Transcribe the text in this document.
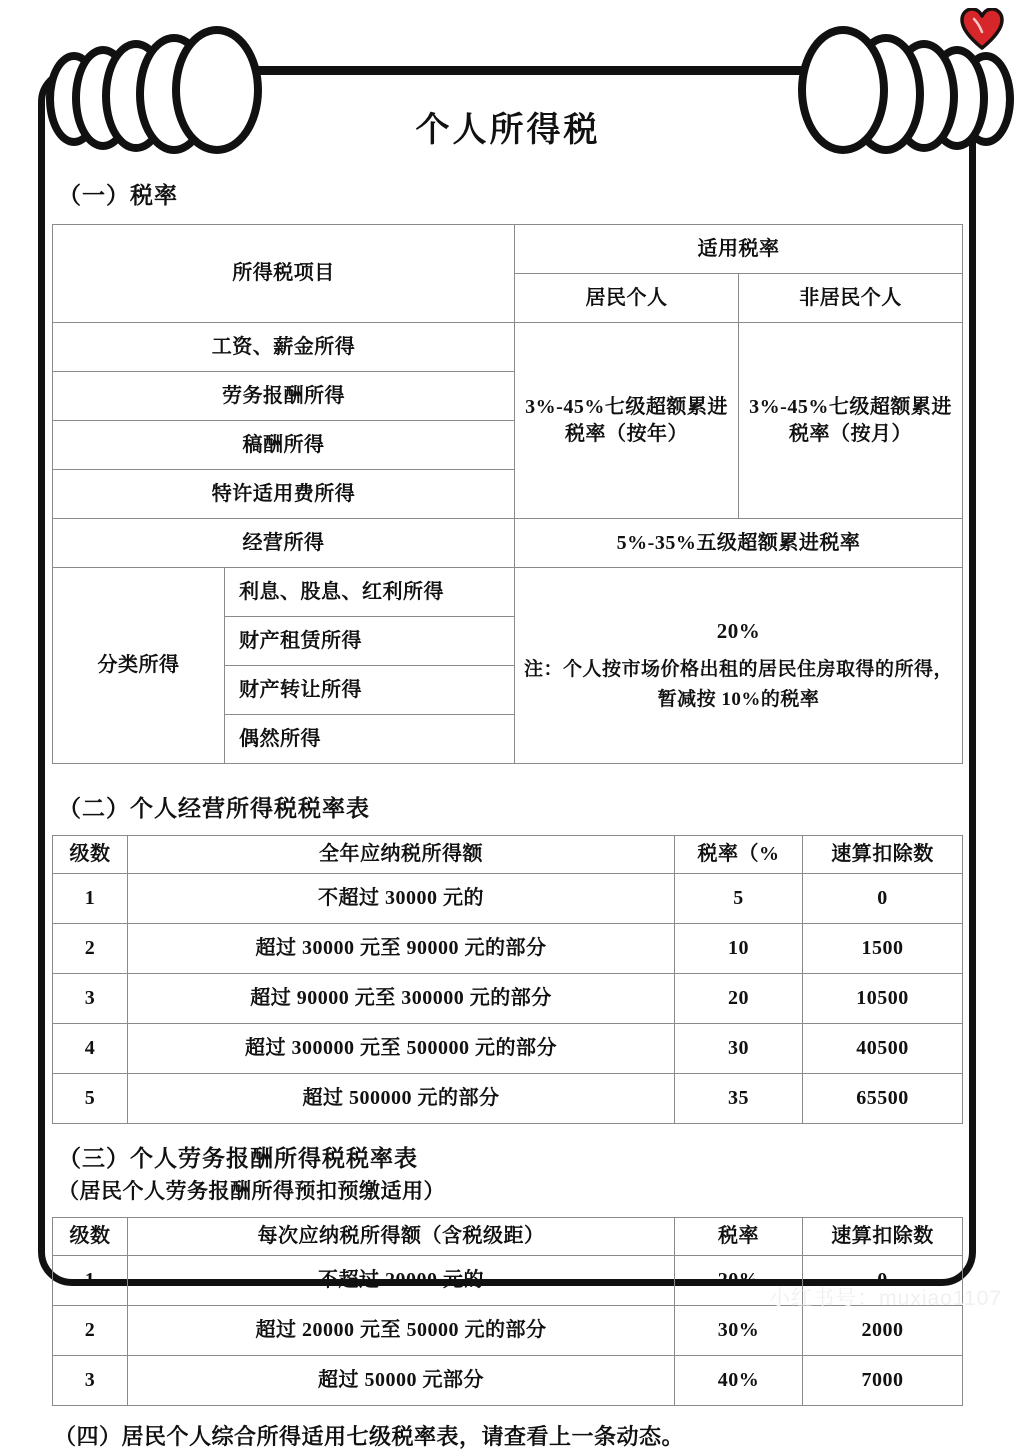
个人所得税
（一）税率
所得税项目		适用税率	
		居民个人	非居民个人
工资、薪金所得		3%-45%七级超额累进税率（按年）	3%-45%七级超额累进税率（按月）
劳务报酬所得			
稿酬所得			
特许适用费所得			
经营所得		5%-35%五级超额累进税率	
分类所得	利息、股息、红利所得	20%
注：个人按市场价格出租的居民住房取得的所得，暂减按 10%的税率	
	财产租赁所得		
	财产转让所得		
	偶然所得		
（二）个人经营所得税税率表
级数	全年应纳税所得额	税率（%	速算扣除数
1	不超过 30000 元的	5	0
2	超过 30000 元至 90000 元的部分	10	1500
3	超过 90000 元至 300000 元的部分	20	10500
4	超过 300000 元至 500000 元的部分	30	40500
5	超过 500000 元的部分	35	65500
（三）个人劳务报酬所得税税率表
（居民个人劳务报酬所得预扣预缴适用）
级数	每次应纳税所得额（含税级距）	税率	速算扣除数
1	不超过 20000 元的	20%	0
2	超过 20000 元至 50000 元的部分	30%	2000
3	超过 50000 元部分	40%	7000
（四）居民个人综合所得适用七级税率表，请查看上一条动态。
小红书号：muxiao1107
